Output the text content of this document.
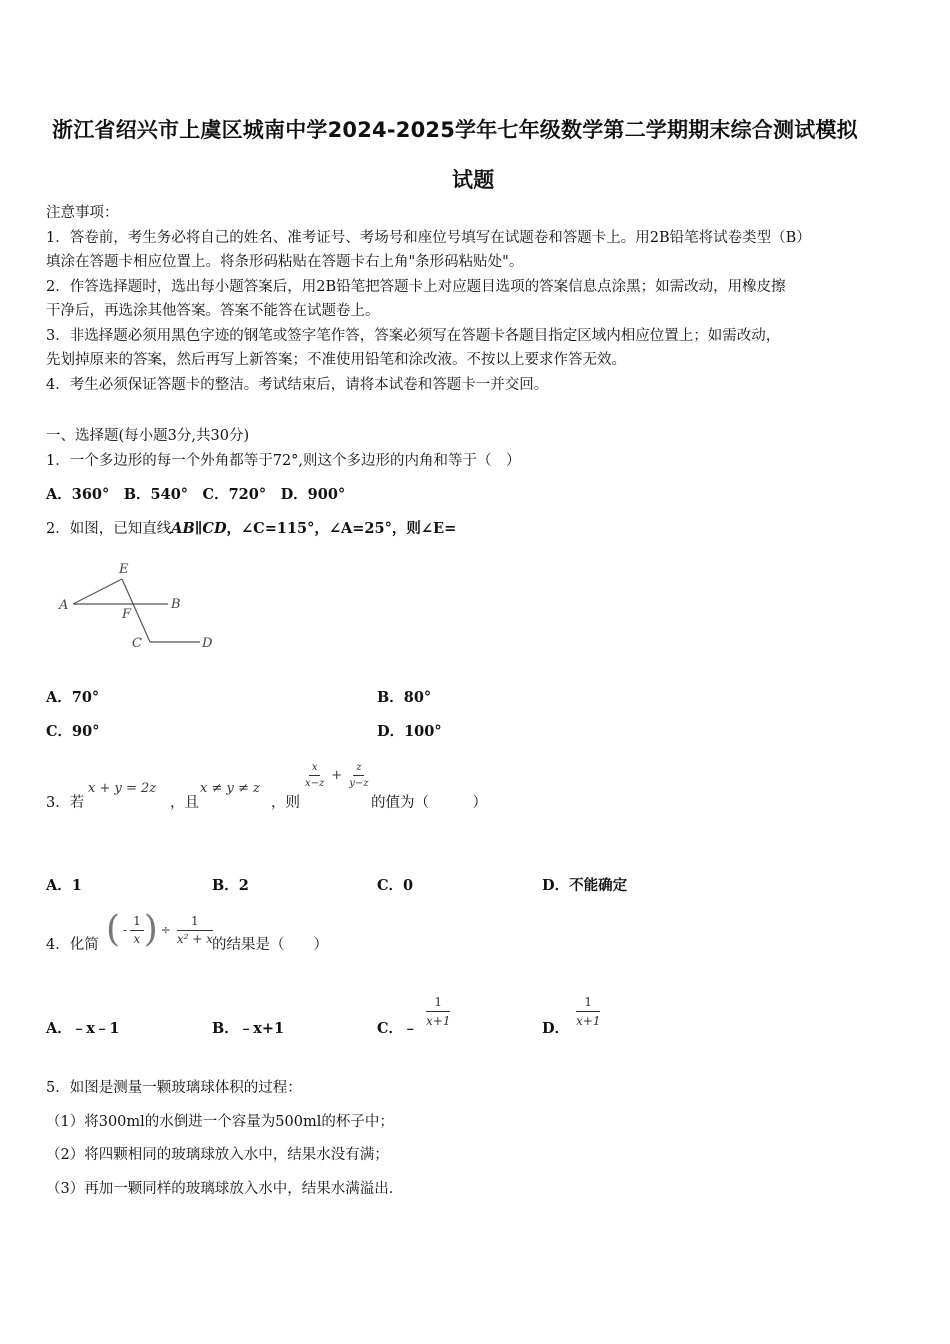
浙江省绍兴市上虞区城南中学2024-2025学年七年级数学第二学期期末综合测试模拟
试题
注意事项：
1．答卷前，考生务必将自己的姓名、准考证号、考场号和座位号填写在试题卷和答题卡上。用2B铅笔将试卷类型（B）
填涂在答题卡相应位置上。将条形码粘贴在答题卡右上角"条形码粘贴处"。
2．作答选择题时，选出每小题答案后，用2B铅笔把答题卡上对应题目选项的答案信息点涂黑；如需改动，用橡皮擦
干净后，再选涂其他答案。答案不能答在试题卷上。
3．非选择题必须用黑色字迹的钢笔或签字笔作答，答案必须写在答题卡各题目指定区域内相应位置上；如需改动，
先划掉原来的答案，然后再写上新答案；不准使用铅笔和涂改液。不按以上要求作答无效。
4．考生必须保证答题卡的整洁。考试结束后，请将本试卷和答题卡一并交回。
一、选择题(每小题3分,共30分)
1．一个多边形的每一个外角都等于72°,则这个多边形的内角和等于（　）
A．360°　B．540°　C．720°　D．900°
2．如图，已知直线AB∥CD，∠C=115°，∠A=25°，则∠E=
A	B
E
F
C	D
A．70°	B．80°
C．90°	D．100°
3．若
x + y = 2z
，且
x ≠ y ≠ z
，则
$\frac{x}{x-z} + \frac{z}{y-z}$
的值为（　　　）
A．1	B．2	C．0	D．不能确定
4．化简 ( - $\frac{1}{x}$ ) ÷ $\frac{1}{\text{x² + x}}$
的结果是（　　）
A．﹣x﹣1	B．﹣x+1	C．﹣ $\frac{1}{x+1}$	D． $\frac{1}{x+1}$
5．如图是测量一颗玻璃球体积的过程：
（1）将300ml的水倒进一个容量为500ml的杯子中；
（2）将四颗相同的玻璃球放入水中，结果水没有满；
（3）再加一颗同样的玻璃球放入水中，结果水满溢出．
